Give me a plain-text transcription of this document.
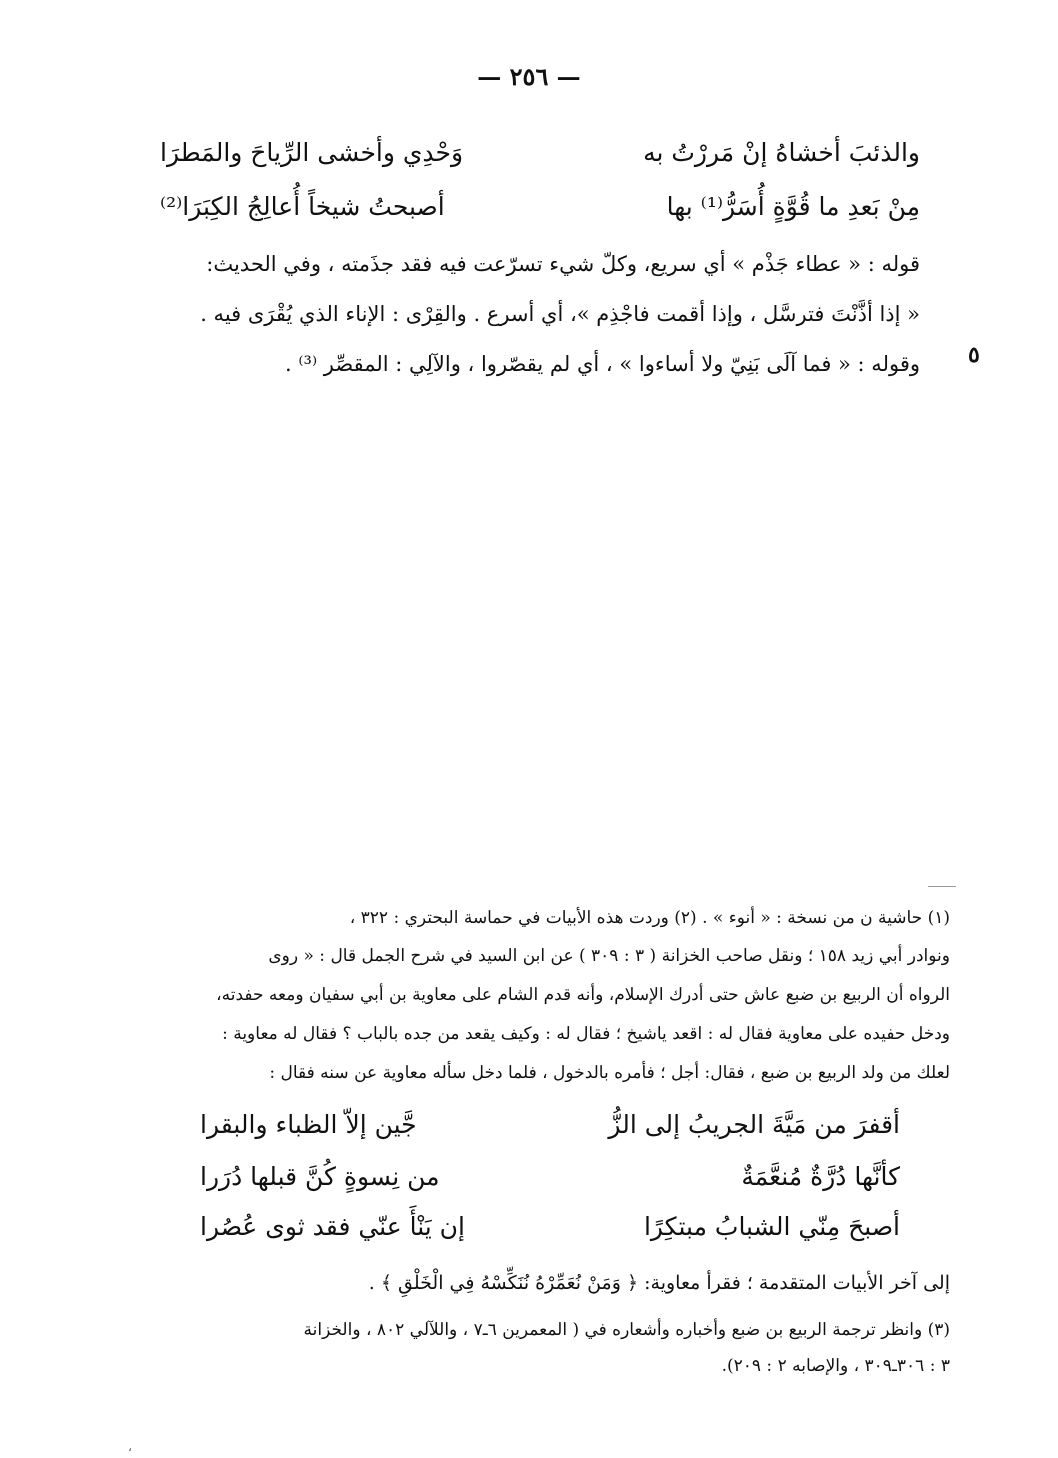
— ٢٥٦ —
والذئبَ أخشاهُ إنْ مَررْتُ به
وَحْدِي وأخشى الرِّياحَ والمَطرَا
مِنْ بَعدِ ما قُوَّةٍ أُسَرُّ⁽¹⁾ بها
أصبحتُ شيخاً أُعالِجُ الكِبَرَا⁽²⁾
قوله : « عطاء جَذْم » أي سريع، وكلّ شيء تسرّعت فيه فقد جذَمته ، وفي الحديث:
« إذا أذَّنْتَ فترسَّل ، وإذا أقمت فاجْذِم »، أي أسرع . والقِرْى : الإناء الذي يُقْرَى فيه .
وقوله : « فما آلَى بَنِيّ ولا أساءوا » ، أي لم يقصّروا ، والآلِي : المقصِّر ⁽³⁾ . ٥
(١) حاشية ن من نسخة : « أنوء » . (٢) وردت هذه الأبيات في حماسة البحتري : ٣٢٢ ،
ونوادر أبي زيد ١٥٨ ؛ ونقل صاحب الخزانة ( ٣ : ٣٠٩ ) عن ابن السيد في شرح الجمل قال : « روى
الرواه أن الربيع بن ضبع عاش حتى أدرك الإسلام، وأنه قدم الشام على معاوية بن أبي سفيان ومعه حفدته،
ودخل حفيده على معاوية فقال له : اقعد ياشيخ ؛ فقال له : وكيف يقعد من جده بالباب ؟ فقال له معاوية :
لعلك من ولد الربيع بن ضبع ، فقال: أجل ؛ فأمره بالدخول ، فلما دخل سأله معاوية عن سنه فقال :
أقفرَ من مَيَّةَ الجريبُ إلى الزُّ
جَّين إلاّ الظباء والبقرا
كأنَّها دُرَّةٌ مُنعَّمَةٌ
من نِسوةٍ كُنَّ قبلها دُرَرا
أصبحَ مِنّي الشبابُ مبتكِرًا
إن يَنْأَ عنّي فقد ثوى عُصُرا
إلى آخر الأبيات المتقدمة ؛ فقرأ معاوية: ﴿ وَمَنْ نُعَمِّرْهُ نُنَكِّسْهُ فِي الْخَلْقِ ﴾ .
(٣) وانظر ترجمة الربيع بن ضبع وأخباره وأشعاره في ( المعمرين ٦ـ٧ ، واللآلي ٨٠٢ ، والخزانة
٣ : ٣٠٦ـ٣٠٩ ، والإصابه ٢ : ٢٠٩).
،
